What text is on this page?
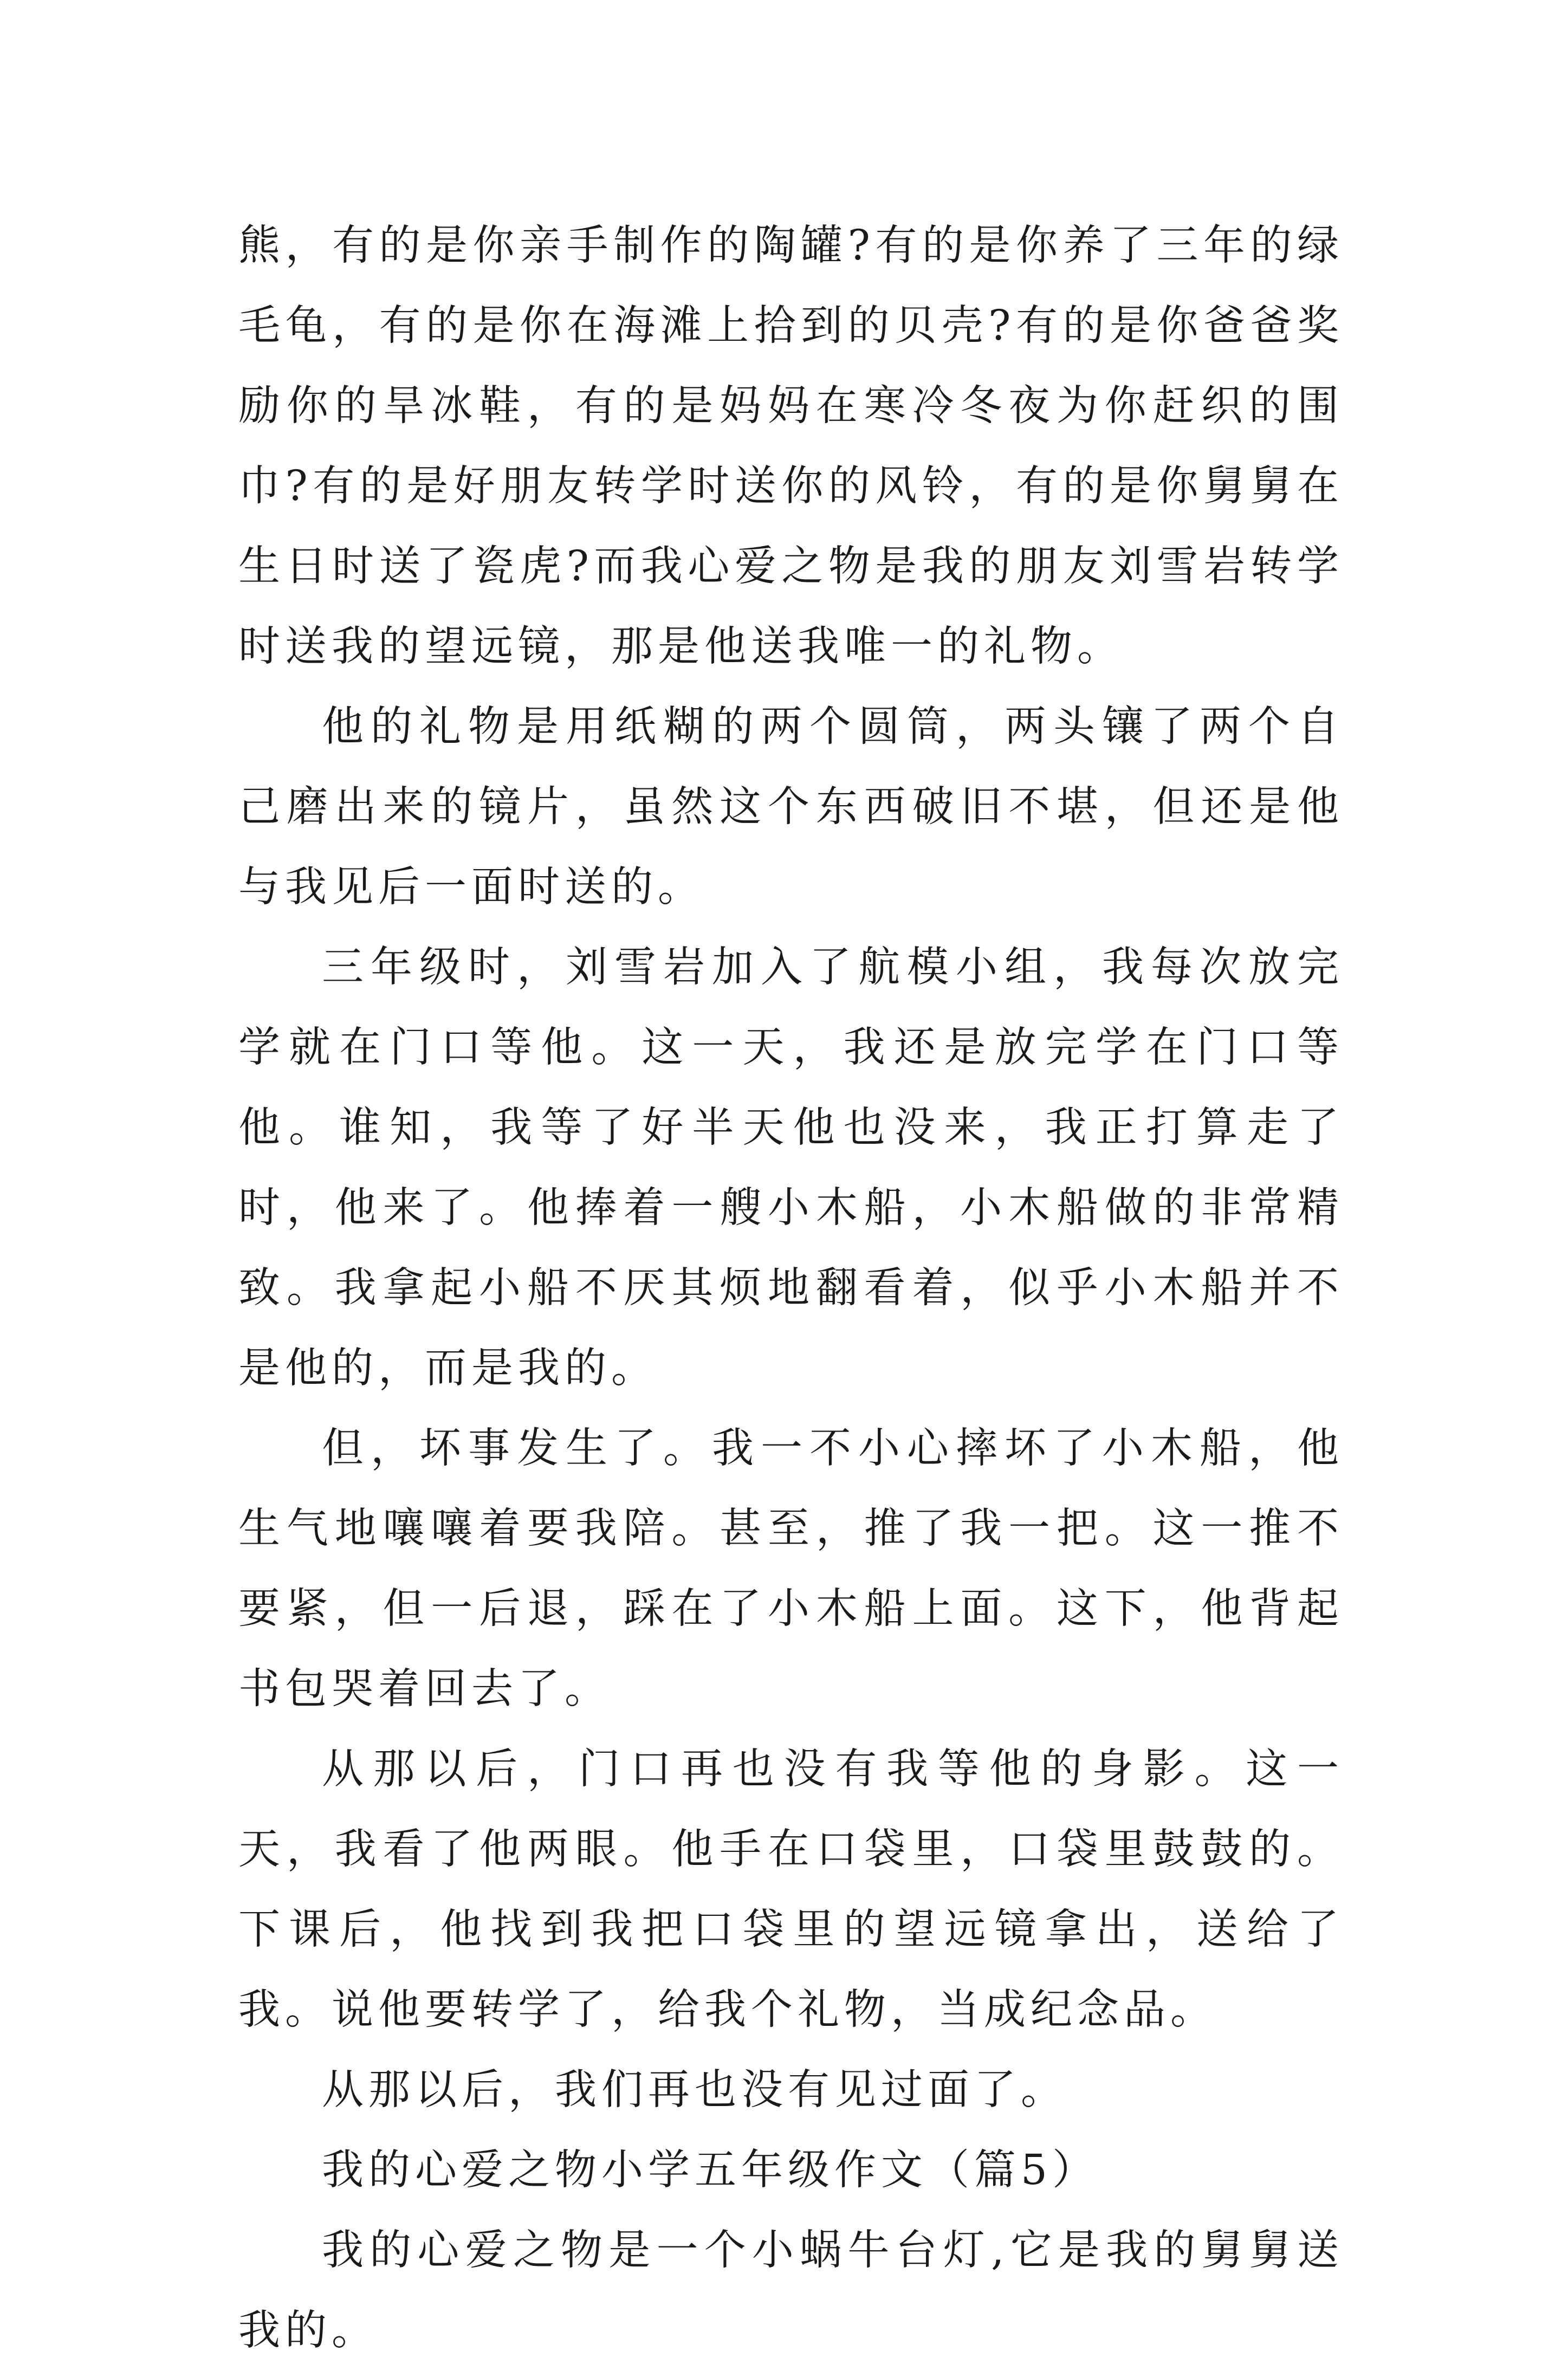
熊，有的是你亲手制作的陶罐?有的是你养了三年的绿毛龟，有的是你在海滩上拾到的贝壳?有的是你爸爸奖励你的旱冰鞋，有的是妈妈在寒冷冬夜为你赶织的围巾?有的是好朋友转学时送你的风铃，有的是你舅舅在生日时送了瓷虎?而我心爱之物是我的朋友刘雪岩转学时送我的望远镜，那是他送我唯一的礼物。

他的礼物是用纸糊的两个圆筒，两头镶了两个自己磨出来的镜片，虽然这个东西破旧不堪，但还是他与我见后一面时送的。

三年级时，刘雪岩加入了航模小组，我每次放完学就在门口等他。这一天，我还是放完学在门口等他。谁知，我等了好半天他也没来，我正打算走了时，他来了。他捧着一艘小木船，小木船做的非常精致。我拿起小船不厌其烦地翻看着，似乎小木船并不是他的，而是我的。

但，坏事发生了。我一不小心摔坏了小木船，他生气地嚷嚷着要我陪。甚至，推了我一把。这一推不要紧，但一后退，踩在了小木船上面。这下，他背起书包哭着回去了。

从那以后，门口再也没有我等他的身影。这一天，我看了他两眼。他手在口袋里，口袋里鼓鼓的。下课后，他找到我把口袋里的望远镜拿出，送给了我。说他要转学了，给我个礼物，当成纪念品。

从那以后，我们再也没有见过面了。

我的心爱之物小学五年级作文（篇5）

我的心爱之物是一个小蜗牛台灯,它是我的舅舅送我的。
